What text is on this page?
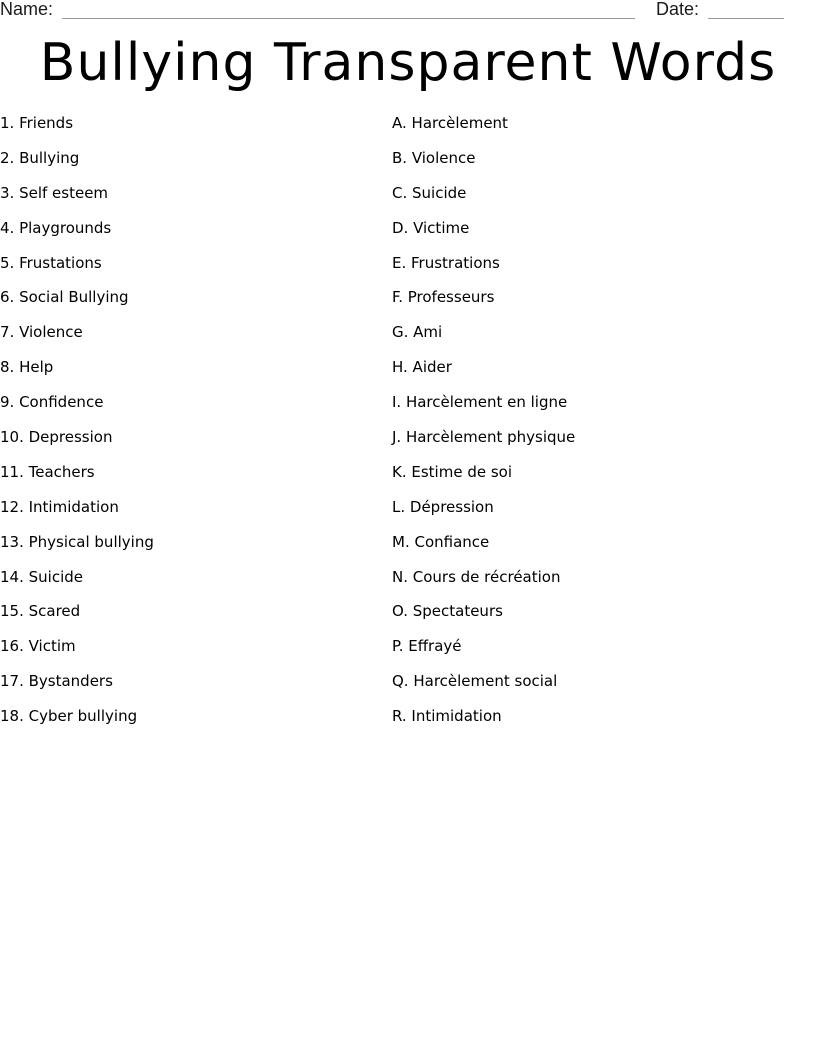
Name:	Date:
Bullying Transparent Words
1. Friends
2. Bullying
3. Self esteem
4. Playgrounds
5. Frustations
6. Social Bullying
7. Violence
8. Help
9. Confidence
10. Depression
11. Teachers
12. Intimidation
13. Physical bullying
14. Suicide
15. Scared
16. Victim
17. Bystanders
18. Cyber bullying
A. Harcèlement
B. Violence
C. Suicide
D. Victime
E. Frustrations
F. Professeurs
G. Ami
H. Aider
I. Harcèlement en ligne
J. Harcèlement physique
K. Estime de soi
L. Dépression
M. Confiance
N. Cours de récréation
O. Spectateurs
P. Effrayé
Q. Harcèlement social
R. Intimidation
